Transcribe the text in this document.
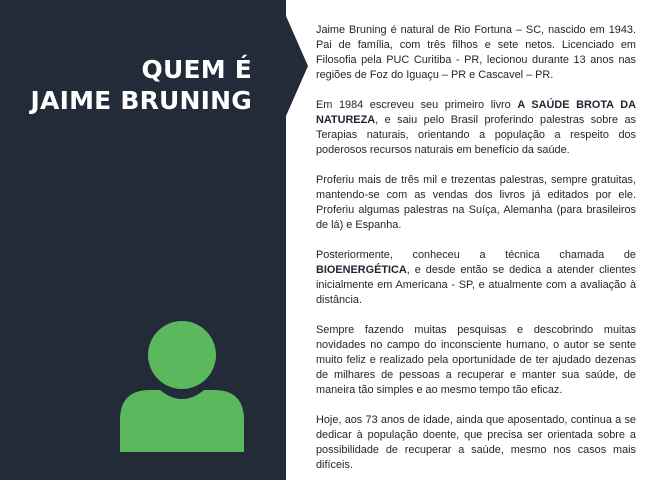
QUEM É
JAIME BRUNING

Jaime Bruning é natural de Rio Fortuna – SC, nascido em 1943. Pai de família, com três filhos e sete netos. Licenciado em Filosofia pela PUC Curitiba - PR, lecionou durante 13 anos nas regiões de Foz do Iguaçu – PR e Cascavel – PR.

Em 1984 escreveu seu primeiro livro A SAÚDE BROTA DA NATUREZA, e saiu pelo Brasil proferindo palestras sobre as Terapias naturais, orientando a população a respeito dos poderosos recursos naturais em benefício da saúde.

Proferiu mais de três mil e trezentas palestras, sempre gratuitas, mantendo-se com as vendas dos livros já editados por ele. Proferiu algumas palestras na Suíça, Alemanha (para brasileiros de lá) e Espanha.

Posteriormente, conheceu a técnica chamada de BIOENERGÉTICA, e desde então se dedica a atender clientes inicialmente em Americana - SP, e atualmente com a avaliação à distância.

Sempre fazendo muitas pesquisas e descobrindo muitas novidades no campo do inconsciente humano, o autor se sente muito feliz e realizado pela oportunidade de ter ajudado dezenas de milhares de pessoas a recuperar e manter sua saúde, de maneira tão simples e ao mesmo tempo tão eficaz.

Hoje, aos 73 anos de idade, ainda que aposentado, continua a se dedicar à população doente, que precisa ser orientada sobre a possibilidade de recuperar a saúde, mesmo nos casos mais difíceis.
